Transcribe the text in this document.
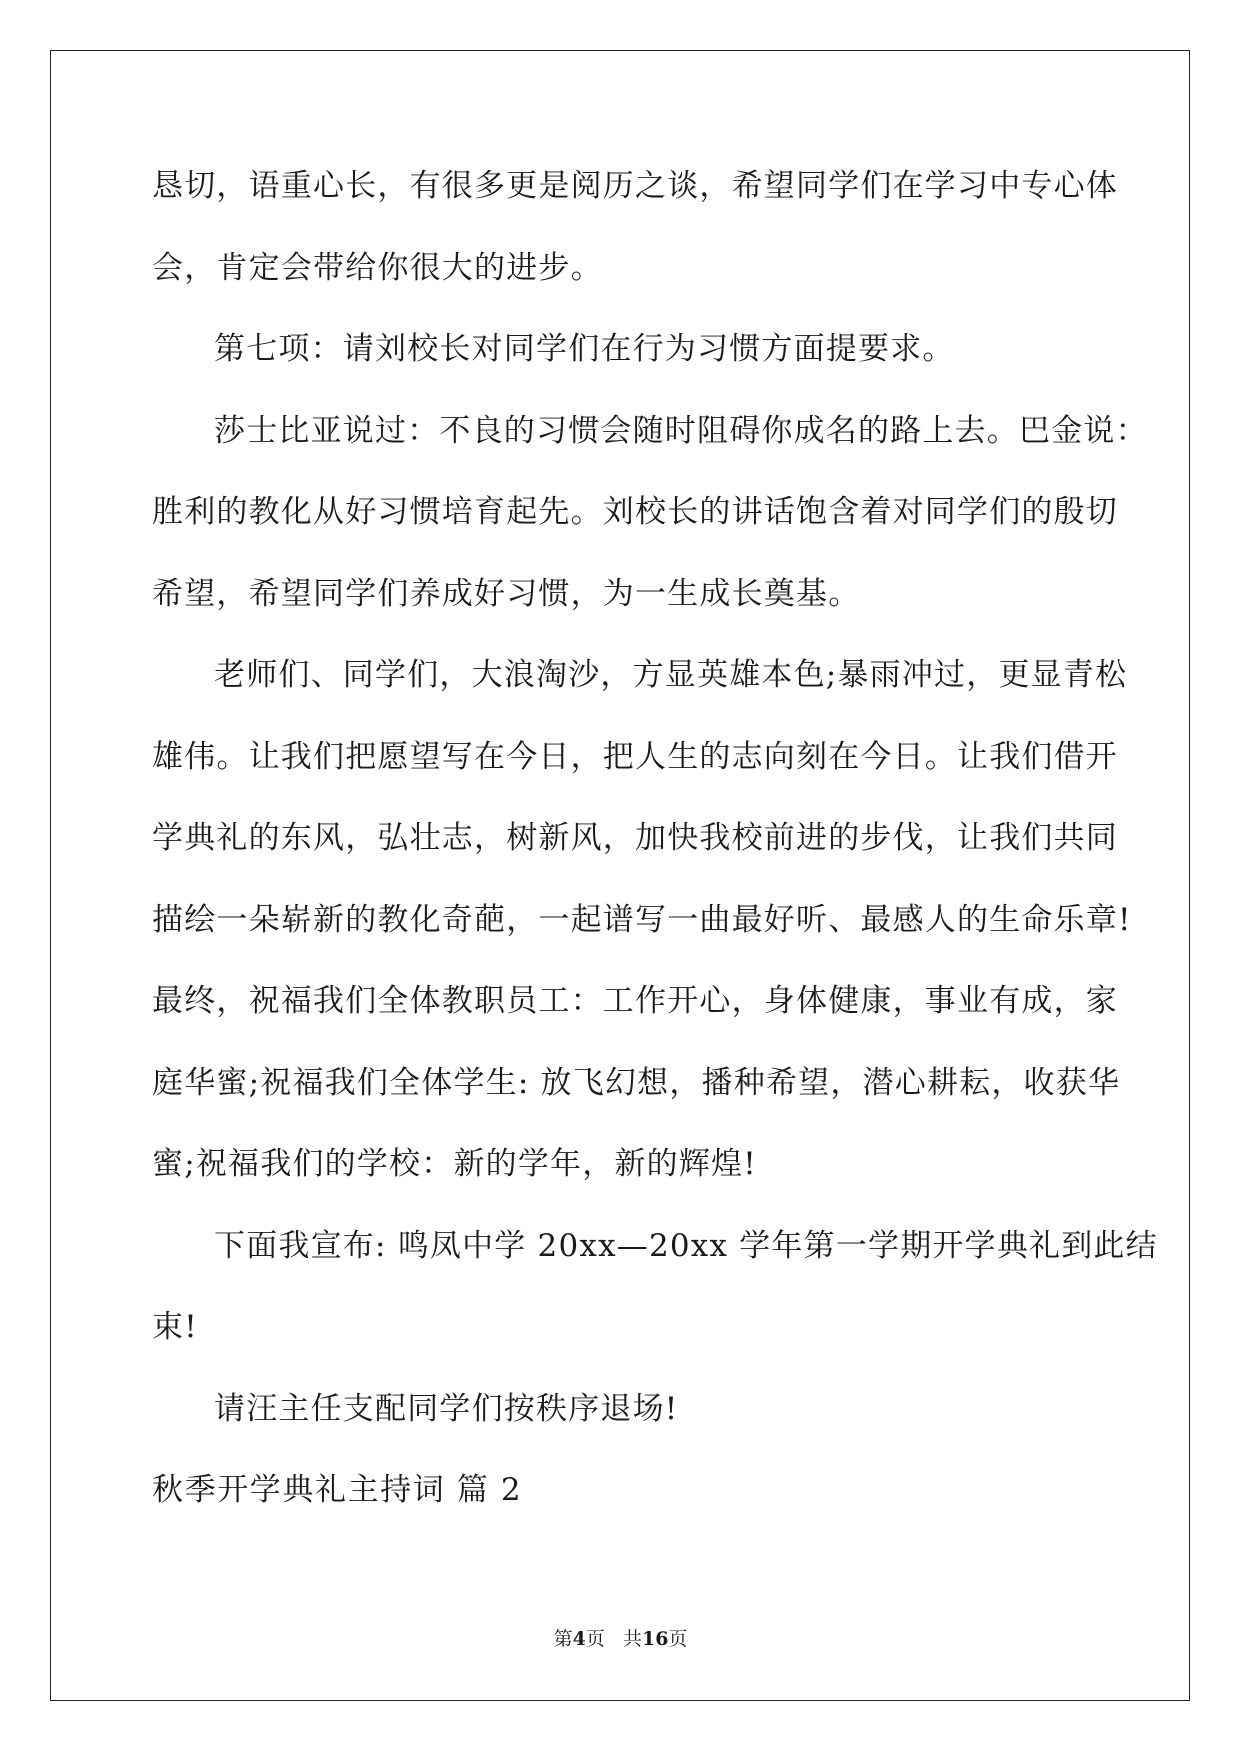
恳切，语重心长，有很多更是阅历之谈，希望同学们在学习中专心体
会，肯定会带给你很大的进步。
第七项：请刘校长对同学们在行为习惯方面提要求。
莎士比亚说过：不良的习惯会随时阻碍你成名的路上去。巴金说：
胜利的教化从好习惯培育起先。刘校长的讲话饱含着对同学们的殷切
希望，希望同学们养成好习惯，为一生成长奠基。
老师们、同学们，大浪淘沙，方显英雄本色;暴雨冲过，更显青松
雄伟。让我们把愿望写在今日，把人生的志向刻在今日。让我们借开
学典礼的东风，弘壮志，树新风，加快我校前进的步伐，让我们共同
描绘一朵崭新的教化奇葩，一起谱写一曲最好听、最感人的生命乐章!
最终，祝福我们全体教职员工：工作开心，身体健康，事业有成，家
庭华蜜;祝福我们全体学生: 放飞幻想，播种希望，潜心耕耘，收获华
蜜;祝福我们的学校：新的学年，新的辉煌!
下面我宣布: 鸣凤中学 20xx—20xx 学年第一学期开学典礼到此结
束!
请汪主任支配同学们按秩序退场!
秋季开学典礼主持词 篇 2
第4页 共16页
